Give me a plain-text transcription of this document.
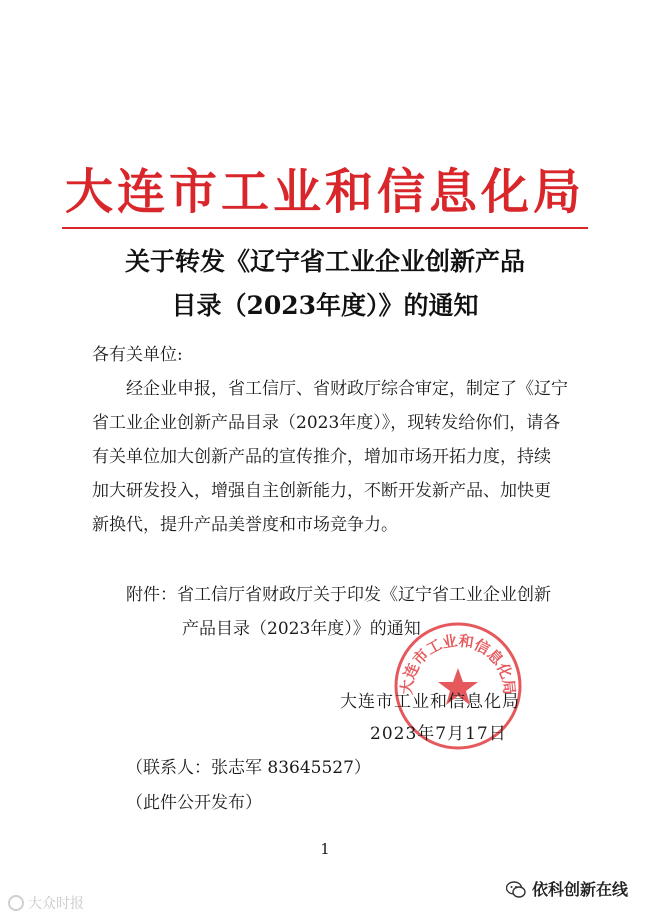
大连市工业和信息化局
关于转发《辽宁省工业企业创新产品
目录（2023年度）》的通知

各有关单位:

经企业申报，省工信厅、省财政厅综合审定，制定了《辽宁

省工业企业创新产品目录（2023年度）》，现转发给你们，请各

有关单位加大创新产品的宣传推介，增加市场开拓力度，持续

加大研发投入，增强自主创新能力，不断开发新产品、加快更

新换代，提升产品美誉度和市场竞争力。

附件：省工信厅省财政厅关于印发《辽宁省工业企业创新

产品目录（2023年度）》的通知

大连市工业和信息化局

大连市工业和信息化局

2023年7月17日

（联系人：张志军 83645527）

（此件公开发布）

1
大众时报
依科创新在线
